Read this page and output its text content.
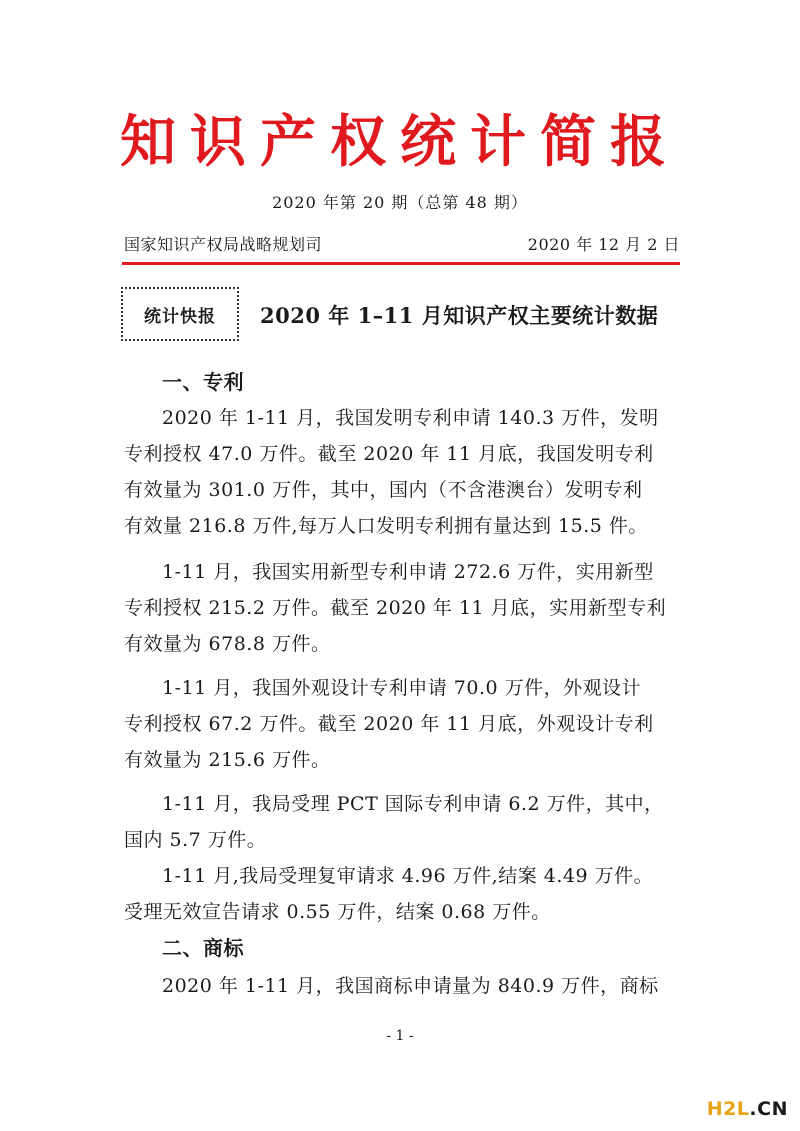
知识产权统计简报
2020 年第 20 期（总第 48 期）
国家知识产权局战略规划司	2020 年 12 月 2 日
统计快报	2020 年 1–11 月知识产权主要统计数据
一、专利
2020 年 1-11 月，我国发明专利申请 140.3 万件，发明
专利授权 47.0 万件。截至 2020 年 11 月底，我国发明专利
有效量为 301.0 万件，其中，国内（不含港澳台）发明专利
有效量 216.8 万件,每万人口发明专利拥有量达到 15.5 件。
1-11 月，我国实用新型专利申请 272.6 万件，实用新型
专利授权 215.2 万件。截至 2020 年 11 月底，实用新型专利
有效量为 678.8 万件。
1-11 月，我国外观设计专利申请 70.0 万件，外观设计
专利授权 67.2 万件。截至 2020 年 11 月底，外观设计专利
有效量为 215.6 万件。
1-11 月，我局受理 PCT 国际专利申请 6.2 万件，其中，
国内 5.7 万件。
1-11 月,我局受理复审请求 4.96 万件,结案 4.49 万件。
受理无效宣告请求 0.55 万件，结案 0.68 万件。
二、商标
2020 年 1-11 月，我国商标申请量为 840.9 万件，商标
- 1 -
H2L.CN
